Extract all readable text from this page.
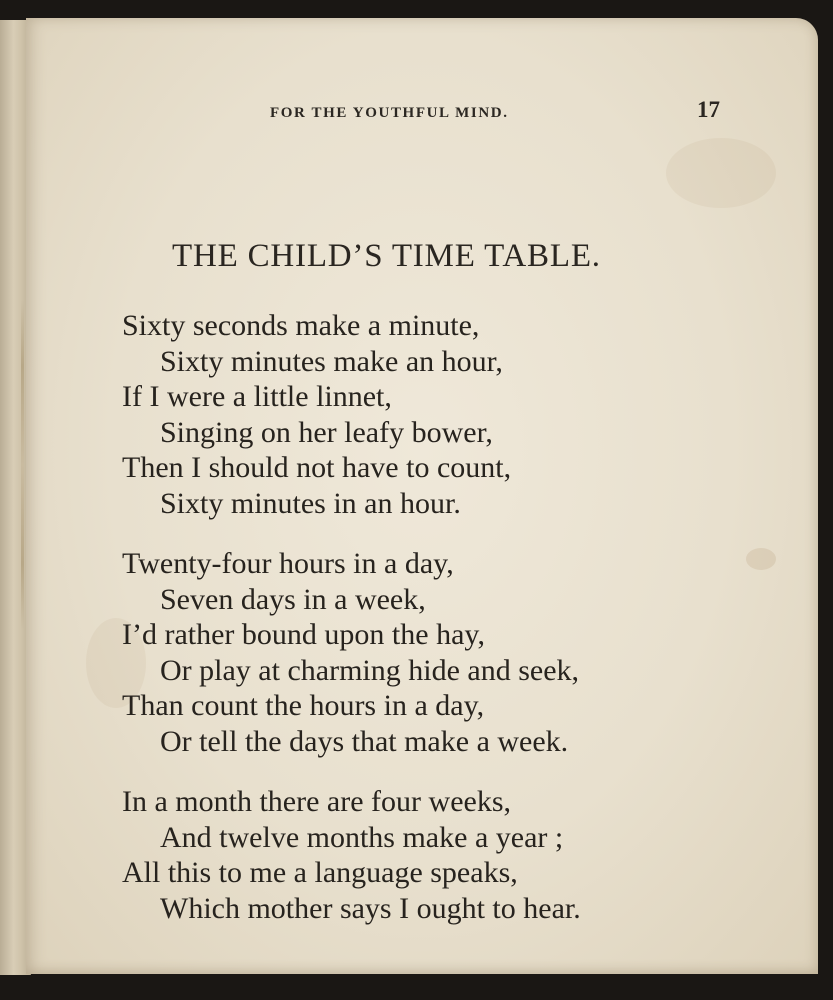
FOR THE YOUTHFUL MIND.	17
THE CHILD’S TIME TABLE.
Sixty seconds make a minute,
Sixty minutes make an hour,
If I were a little linnet,
Singing on her leafy bower,
Then I should not have to count,
Sixty minutes in an hour.
Twenty-four hours in a day,
Seven days in a week,
I’d rather bound upon the hay,
Or play at charming hide and seek,
Than count the hours in a day,
Or tell the days that make a week.
In a month there are four weeks,
And twelve months make a year ;
All this to me a language speaks,
Which mother says I ought to hear.
